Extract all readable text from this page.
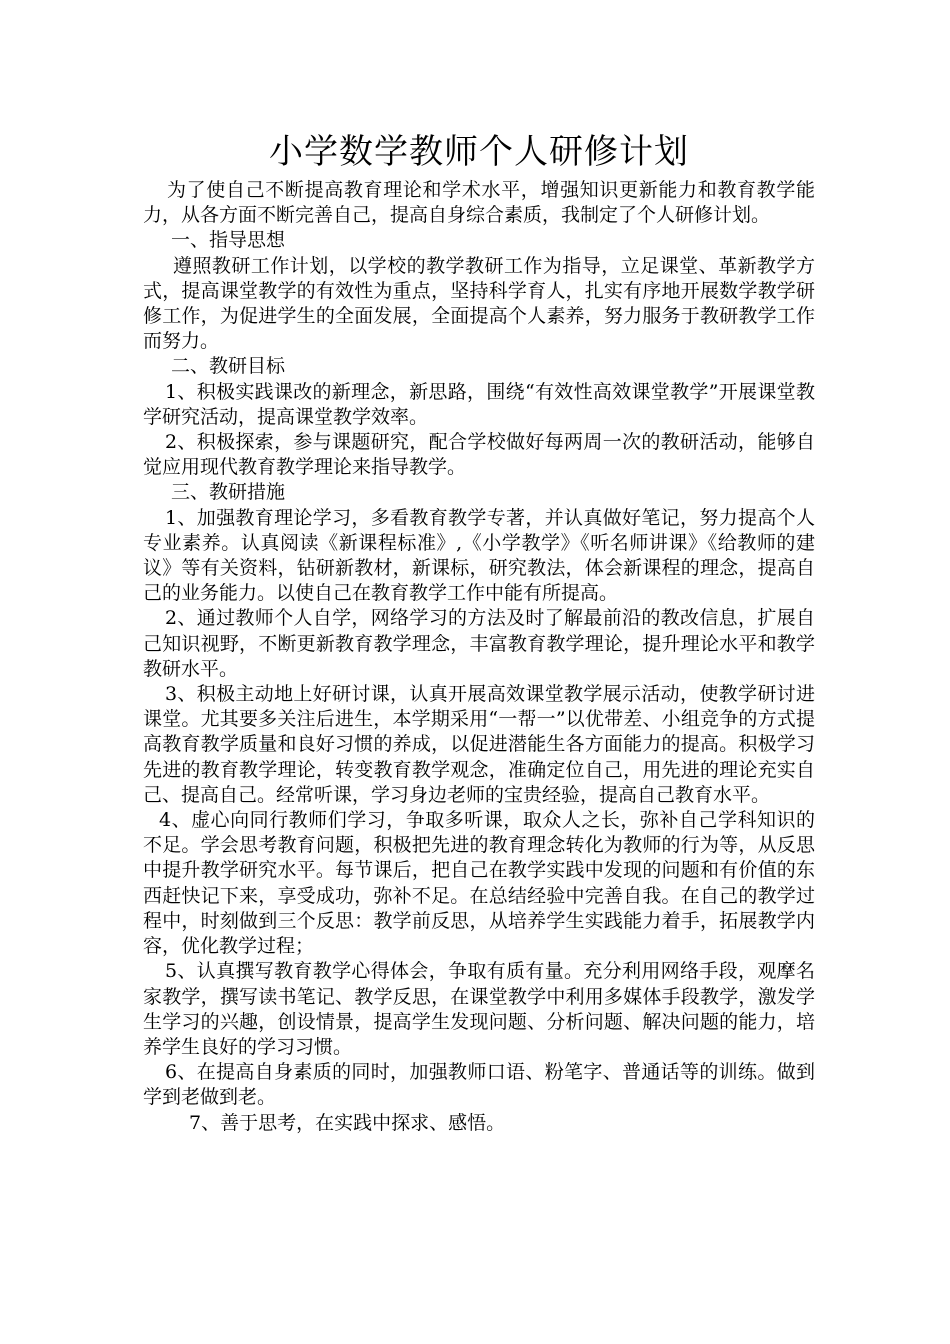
小学数学教师个人研修计划

为了使自己不断提高教育理论和学术水平，增强知识更新能力和教育教学能力，从各方面不断完善自己，提高自身综合素质，我制定了个人研修计划。

一、指导思想

遵照教研工作计划，以学校的教学教研工作为指导，立足课堂、革新教学方式，提高课堂教学的有效性为重点，坚持科学育人，扎实有序地开展数学教学研修工作，为促进学生的全面发展，全面提高个人素养，努力服务于教研教学工作而努力。

二、教研目标

1、积极实践课改的新理念，新思路，围绕“有效性高效课堂教学”开展课堂教学研究活动，提高课堂教学效率。

2、积极探索，参与课题研究，配合学校做好每两周一次的教研活动，能够自觉应用现代教育教学理论来指导教学。

三、教研措施

1、加强教育理论学习，多看教育教学专著，并认真做好笔记，努力提高个人专业素养。认真阅读《新课程标准》,《小学教学》《听名师讲课》《给教师的建议》等有关资料，钻研新教材，新课标，研究教法，体会新课程的理念，提高自己的业务能力。以使自己在教育教学工作中能有所提高。

2、通过教师个人自学，网络学习的方法及时了解最前沿的教改信息，扩展自己知识视野，不断更新教育教学理念，丰富教育教学理论，提升理论水平和教学教研水平。

3、积极主动地上好研讨课，认真开展高效课堂教学展示活动，使教学研讨进课堂。尤其要多关注后进生，本学期采用“一帮一”以优带差、小组竞争的方式提高教育教学质量和良好习惯的养成，以促进潜能生各方面能力的提高。积极学习先进的教育教学理论，转变教育教学观念，准确定位自己，用先进的理论充实自己、提高自己。经常听课，学习身边老师的宝贵经验，提高自己教育水平。

4、虚心向同行教师们学习，争取多听课，取众人之长，弥补自己学科知识的不足。学会思考教育问题，积极把先进的教育理念转化为教师的行为等，从反思中提升教学研究水平。每节课后，把自己在教学实践中发现的问题和有价值的东西赶快记下来，享受成功，弥补不足。在总结经验中完善自我。在自己的教学过程中，时刻做到三个反思：教学前反思，从培养学生实践能力着手，拓展教学内容，优化教学过程；

5、认真撰写教育教学心得体会，争取有质有量。充分利用网络手段，观摩名家教学，撰写读书笔记、教学反思，在课堂教学中利用多媒体手段教学，激发学生学习的兴趣，创设情景，提高学生发现问题、分析问题、解决问题的能力，培养学生良好的学习习惯。

6、在提高自身素质的同时，加强教师口语、粉笔字、普通话等的训练。做到学到老做到老。

7、善于思考，在实践中探求、感悟。
